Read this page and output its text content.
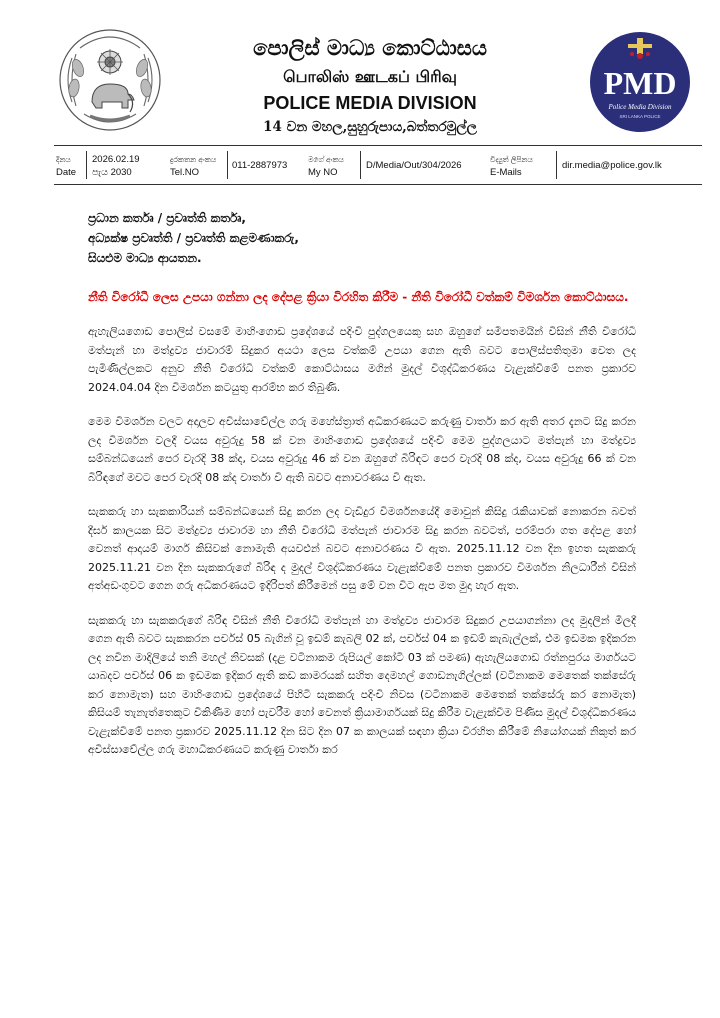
පොලිස් මාධ්‍ය කොට්ඨාසය
பொலிஸ் ஊடகப் பிரிவு
POLICE MEDIA DIVISION
14 වන මහල,සුහුරුපාය,බත්තරමුල්ල
PMD
Police Media Division
SRI LANKA POLICE
දිනය
Date
2026.02.19
පැය 2030
දුරකතන අංකය
Tel.NO
011-2887973
මගේ අංකය
My NO
D/Media/Out/304/2026
විද්‍යුත් ලිපිනය
E-Mails
dir.media@police.gov.lk
ප්‍රධාන කර්තෘ / ප්‍රවෘත්ති කර්තෘ,
අධ්‍යක්ෂ ප්‍රවෘත්ති / ප්‍රවෘත්ති කළමණාකරු,
සියළුම මාධ්‍ය ආයතන.
නීති විරෝධී ලෙස උපයා ගන්නා ලද දේපළ ක්‍රියා විරහිත කිරීම - නීති විරෝධී වත්කම් විමර්ශන කොට්ඨාසය.

ඇහැලියගොඩ පොලිස් වසමේ මාහිංගොඩ ප්‍රදේශයේ පදිංචි පුද්ගලයෙකු සහ ඔහුගේ සමීපතමයින් විසින් නීති විරෝධී මත්පැන් හා මත්ද්‍රව්‍ය ජාවාරම් සිදුකර අයථා ලෙස වත්කම් උපයා ගෙන ඇති බවට පොලිස්පතිතුමා වෙත ලද පැමිණිල්ලකට අනුව නීති විරෝධී වත්කම් කොට්ඨාසය මගින් මුදල් විශුද්ධිකරණය වැළැක්වීමේ පනත ප්‍රකාරව 2024.04.04 දින විමර්ශන කටයුතු ආරම්භ කර තිබුණි.

මෙම විමර්ශන වලට අදාලව අවිස්සාවේල්ල ගරු මහේස්ත්‍රාත් අධිකරණයට කරුණු වාර්තා කර ඇති අතර දැනට සිදු කරන ලද විමර්ශන වලදී වයස අවුරුදු 58 ක් වන මාහිංගොඩ ප්‍රදේශයේ පදිංචි මෙම පුද්ගලයාට මත්පැන් හා මත්ද්‍රව්‍ය සම්බන්ධයෙන් පෙර වැරදි 38 ක්ද, වයස අවුරුදු 46 ක් වන ඔහුගේ බිරිඳට පෙර වැරදි 08 ක්ද, වයස අවුරුදු 66 ක් වන බිරිඳගේ මවට පෙර වැරදි 08 ක්ද වාර්තා වී ඇති බවට අනාවරණය වී ඇත.

සැකකරු හා සැකකාරියන් සම්බන්ධයෙන් සිදු කරන ලද වැඩිදුර විමර්ශනයේදී මොවුන් කිසිදු රැකියාවක් නොකරන බවත් දීර්ඝ කාලයක සිට මත්ද්‍රව්‍ය ජාවාරම හා නීති විරෝධී මත්පැන් ජාවාරම සිදු කරන බවටත්, පරම්පරා ගත දේපළ හෝ වෙනත් ආදායම් මාර්ග කිසිවක් නොමැති අයවළුන් බවට අනාවරණය වී ඇත. 2025.11.12 වන දින ඉහත සැකකරු 2025.11.21 වන දින සැකකරුගේ බිරිඳ ද මුදල් විශුද්ධිකරණය වැළැක්වීමේ පනත ප්‍රකාරව විමර්ශන නිලධාරීන් විසින් අත්අඩංගුවට ගෙන ගරු අධිකරණයට ඉදිරිපත් කිරීමෙන් පසු මේ වන විට ඇප මත මුදා හැර ඇත.

සැකකරු හා සැකකරුගේ බිරිඳ විසින් නීති විරෝධී මත්පැන් හා මත්ද්‍රව්‍ය ජාවාරම සිදුකර උපයාගන්නා ලද මුදලින් මිලදී ගෙන ඇති බවට සැකකරන පර්චස් 05 බැගින් වූ ඉඩම් කැබලි 02 ක්, පර්චස් 04 ක ඉඩම් කැබැල්ලක්, එම ඉඩමක ඉදිකරන ලද නවීන මාදිලියේ තනි මහල් නිවසක් (දළ වටිනාකම රුපියල් කෝටි 03 ක් පමණ) ඇහැලියගොඩ රත්නපුරය මාර්ගයට යාබදව පර්චස් 06 ක ඉඩමක ඉදිකර ඇති කඩ කාමරයක් සහිත දෙමහල් ගොඩනැගිල්ලක් (වටිනාකම මෙතෙක් තක්සේරු කර නොමැත) සහ මාහිංගොඩ ප්‍රදේශයේ පිහිටි සැකකරු පදිංචි නිවස (වටිනාකම මෙතෙක් තක්සේරු කර නොමැත) කිසියම් තැනැත්තෙකුට විකිණීම හෝ පැවරීම හෝ වෙනත් ක්‍රියාමාර්ගයක් සිදු කිරීම වැළැක්වීම පිණිස මුදල් විශුද්ධිකරණය වැළැක්වීමේ පනත ප්‍රකාරව 2025.11.12 දින සිට දින 07 ක කාලයක් සඳහා ක්‍රියා විරහිත කිරීමේ නියෝගයක් නිකුත් කර අවිස්සාවේල්ල ගරු මහාධිකරණයට කරුණු වාර්තා කර
